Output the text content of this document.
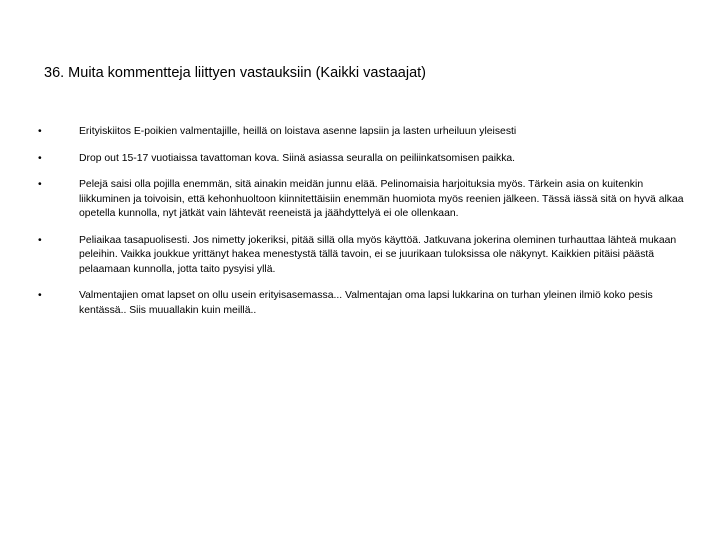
36. Muita kommentteja liittyen vastauksiin (Kaikki vastaajat)
•	Erityiskiitos E-poikien valmentajille, heillä on loistava asenne lapsiin ja lasten urheiluun yleisesti
•	Drop out 15-17 vuotiaissa tavattoman kova. Siinä asiassa seuralla on peiliinkatsomisen paikka.
•	Pelejä saisi olla pojilla enemmän, sitä ainakin meidän junnu elää. Pelinomaisia harjoituksia myös. Tärkein asia on kuitenkin liikkuminen ja toivoisin, että kehonhuoltoon kiinnitettäisiin enemmän huomiota myös reenien jälkeen. Tässä iässä sitä on hyvä alkaa opetella kunnolla, nyt jätkät vain lähtevät reeneistä ja jäähdyttelyä ei ole ollenkaan.
•	Peliaikaa tasapuolisesti. Jos nimetty jokeriksi, pitää sillä olla myös käyttöä. Jatkuvana jokerina oleminen turhauttaa lähteä mukaan peleihin. Vaikka joukkue yrittänyt hakea menestystä tällä tavoin, ei se juurikaan tuloksissa ole näkynyt. Kaikkien pitäisi päästä pelaamaan kunnolla, jotta taito pysyisi yllä.
•	Valmentajien omat lapset on ollu usein erityisasemassa... Valmentajan oma lapsi lukkarina on turhan yleinen ilmiö koko pesis kentässä.. Siis muuallakin kuin meillä..
